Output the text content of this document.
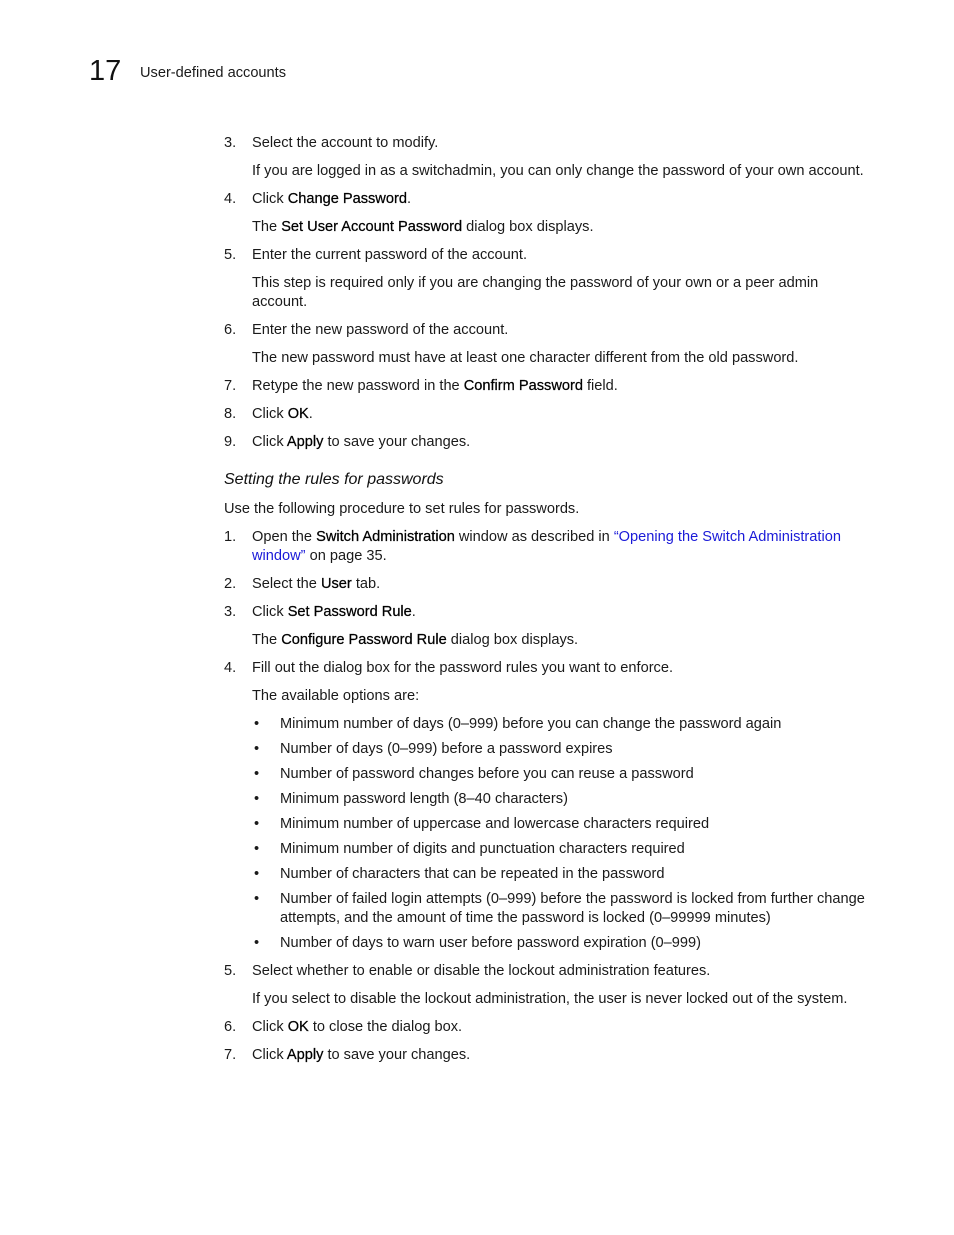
17 User-defined accounts
3. Select the account to modify.
If you are logged in as a switchadmin, you can only change the password of your own account.
4. Click Change Password.
The Set User Account Password dialog box displays.
5. Enter the current password of the account.
This step is required only if you are changing the password of your own or a peer admin account.
6. Enter the new password of the account.
The new password must have at least one character different from the old password.
7. Retype the new password in the Confirm Password field.
8. Click OK.
9. Click Apply to save your changes.
Setting the rules for passwords
Use the following procedure to set rules for passwords.
1. Open the Switch Administration window as described in “Opening the Switch Administration window” on page 35.
2. Select the User tab.
3. Click Set Password Rule.
The Configure Password Rule dialog box displays.
4. Fill out the dialog box for the password rules you want to enforce.
The available options are:
• Minimum number of days (0–999) before you can change the password again
• Number of days (0–999) before a password expires
• Number of password changes before you can reuse a password
• Minimum password length (8–40 characters)
• Minimum number of uppercase and lowercase characters required
• Minimum number of digits and punctuation characters required
• Number of characters that can be repeated in the password
• Number of failed login attempts (0–999) before the password is locked from further change attempts, and the amount of time the password is locked (0–99999 minutes)
• Number of days to warn user before password expiration (0–999)
5. Select whether to enable or disable the lockout administration features.
If you select to disable the lockout administration, the user is never locked out of the system.
6. Click OK to close the dialog box.
7. Click Apply to save your changes.
